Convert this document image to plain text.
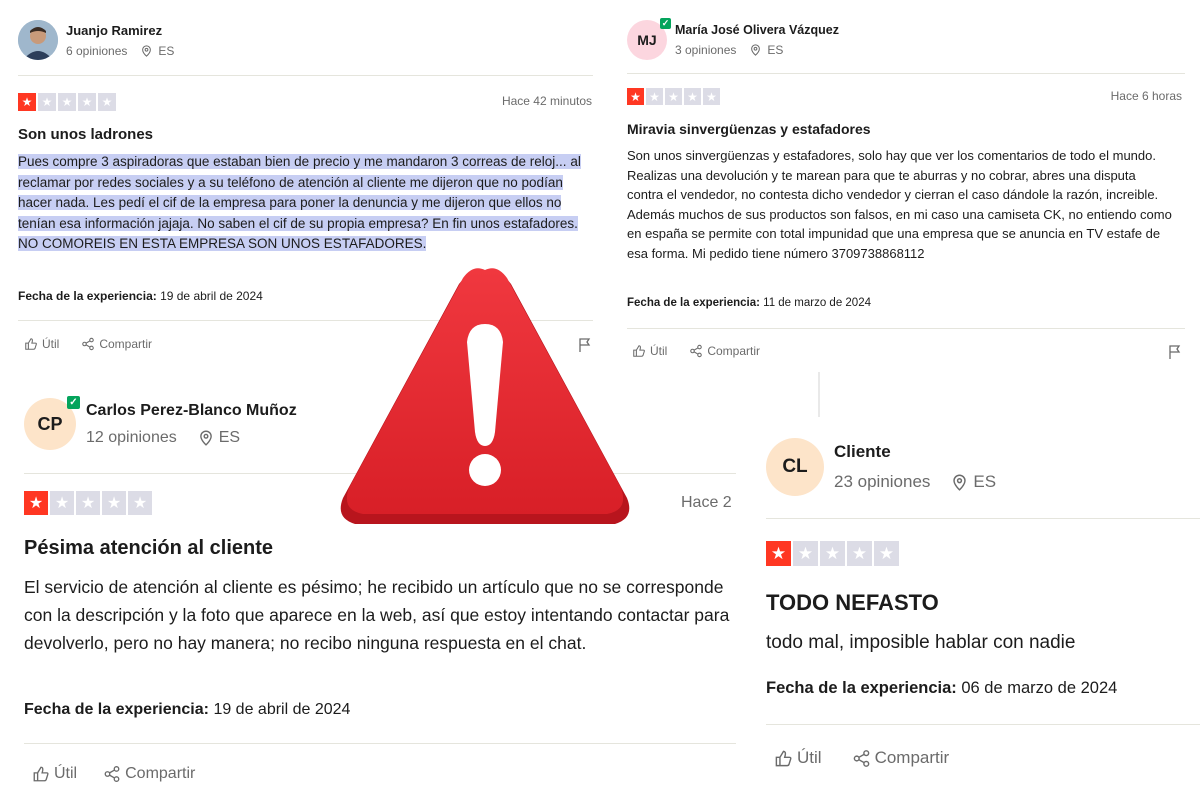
Juanjo Ramirez
6 opiniones	ES
★ ★ ★ ★ ★	Hace 42 minutos
Son unos ladrones
Pues compre 3 aspiradoras que estaban bien de precio y me mandaron 3 correas de reloj... al reclamar por redes sociales y a su teléfono de atención al cliente me dijeron que no podían hacer nada. Les pedí el cif de la empresa para poner la denuncia y me dijeron que ellos no tenían esa información jajaja. No saben el cif de su propia empresa? En fin unos estafadores. NO COMOREIS EN ESTA EMPRESA SON UNOS ESTAFADORES.
Fecha de la experiencia: 19 de abril de 2024
Útil	Compartir
MJ
✓ María José Olivera Vázquez
3 opiniones	ES
★ ★ ★ ★ ★	Hace 6 horas
Miravia sinvergüenzas y estafadores
Son unos sinvergüenzas y estafadores, solo hay que ver los comentarios de todo el mundo. Realizas una devolución y te marean para que te aburras y no cobrar, abres una disputa contra el vendedor, no contesta dicho vendedor y cierran el caso dándole la razón, increible. Además muchos de sus productos son falsos, en mi caso una camiseta CK, no entiendo como en españa se permite con total impunidad que una empresa que se anuncia en TV estafe de esa forma. Mi pedido tiene número 3709738868112
Fecha de la experiencia: 11 de marzo de 2024
Útil	Compartir
CP
✓ Carlos Perez-Blanco Muñoz
12 opiniones	ES
★ ★ ★ ★ ★	Hace 2
Pésima atención al cliente
El servicio de atención al cliente es pésimo; he recibido un artículo que no se corresponde con la descripción y la foto que aparece en la web, así que estoy intentando contactar para devolverlo, pero no hay manera; no recibo ninguna respuesta en el chat.
Fecha de la experiencia: 19 de abril de 2024
Útil	Compartir
CL
Cliente
23 opiniones	ES
★ ★ ★ ★ ★
TODO NEFASTO
todo mal, imposible hablar con nadie
Fecha de la experiencia: 06 de marzo de 2024
Útil	Compartir
